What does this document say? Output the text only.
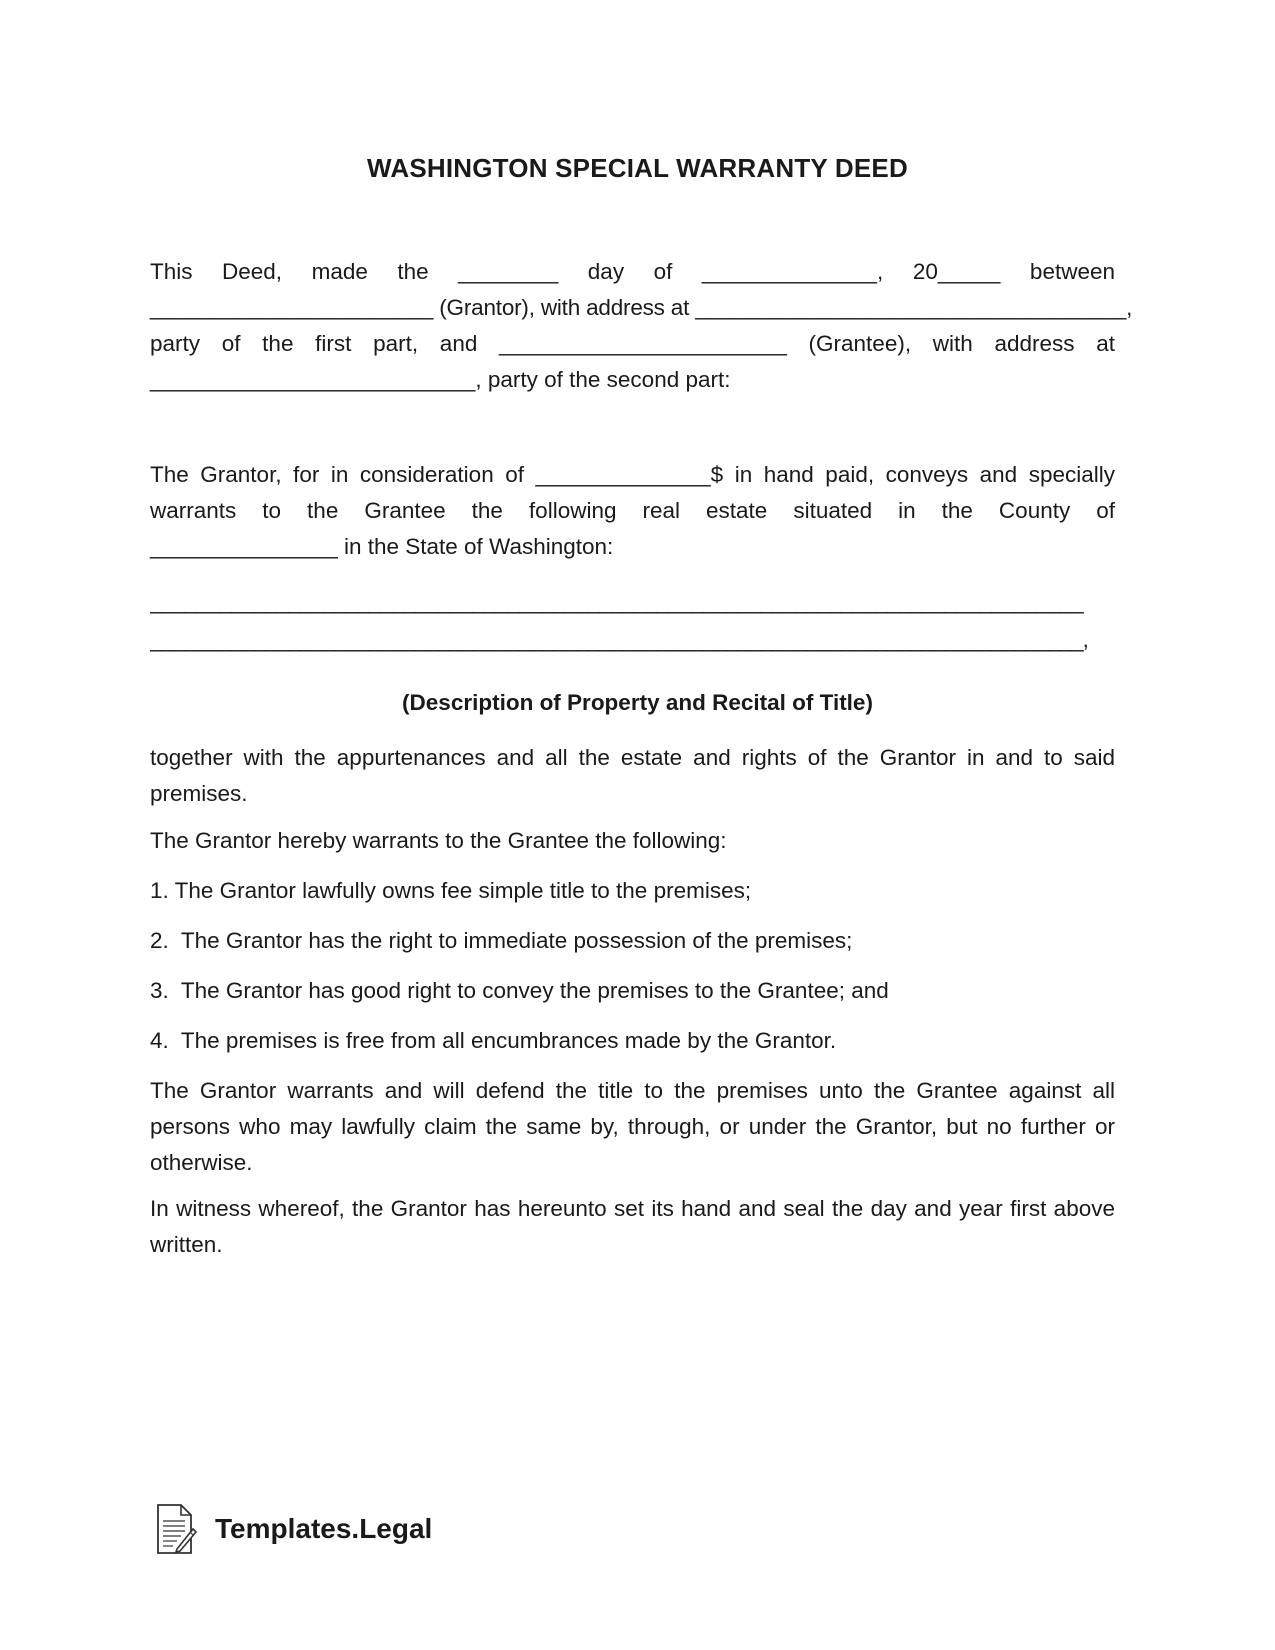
WASHINGTON SPECIAL WARRANTY DEED
This Deed, made the ________ day of ______________, 20_____ between
_______________________ (Grantor), with address at ___________________________________,
party of the first part, and _______________________ (Grantee), with address at
__________________________, party of the second part:
The Grantor, for in consideration of ______________$ in hand paid, conveys and specially
warrants to the Grantee the following real estate situated in the County of
_______________ in the State of Washington:
_________________________________________________________________________________
_________________________________________________________________________________,
(Description of Property and Recital of Title)
together with the appurtenances and all the estate and rights of the Grantor in and to said premises.
The Grantor hereby warrants to the Grantee the following:
1. The Grantor lawfully owns fee simple title to the premises;
2.  The Grantor has the right to immediate possession of the premises;
3.  The Grantor has good right to convey the premises to the Grantee; and
4.  The premises is free from all encumbrances made by the Grantor.
The Grantor warrants and will defend the title to the premises unto the Grantee against all persons who may lawfully claim the same by, through, or under the Grantor, but no further or otherwise.
In witness whereof, the Grantor has hereunto set its hand and seal the day and year first above written.
Templates.Legal
